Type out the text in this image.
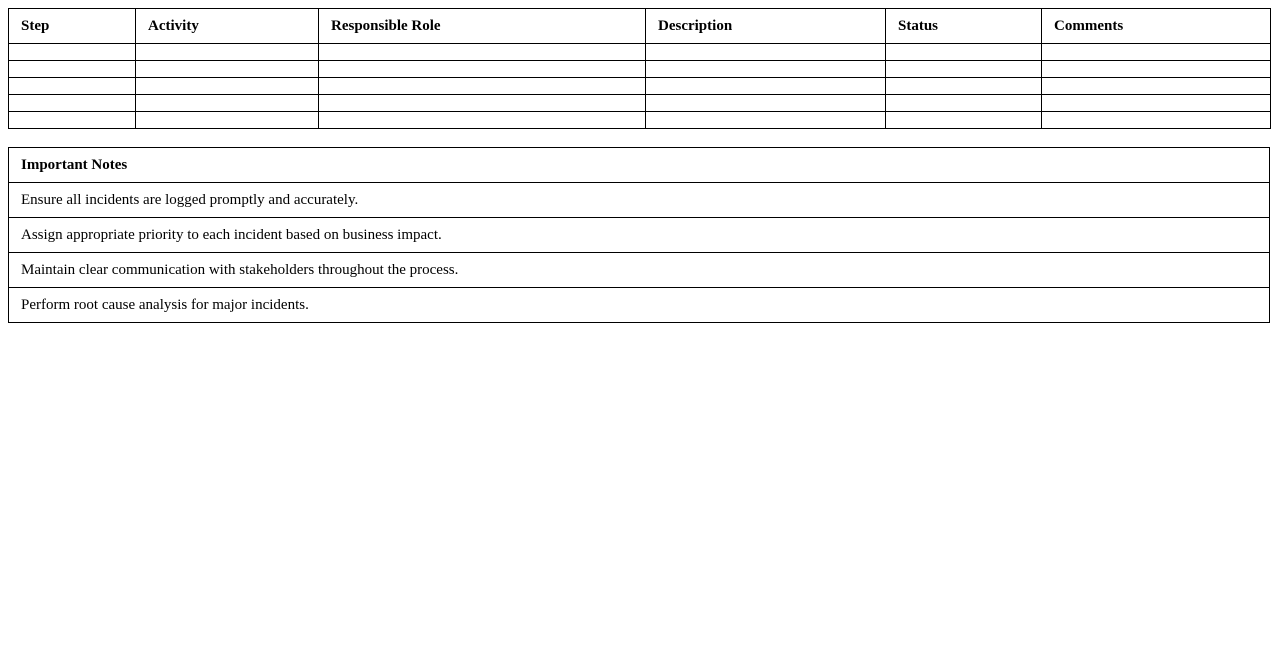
Step	Activity	Responsible Role	Description	Status	Comments

Important Notes
Ensure all incidents are logged promptly and accurately.
Assign appropriate priority to each incident based on business impact.
Maintain clear communication with stakeholders throughout the process.
Perform root cause analysis for major incidents.
